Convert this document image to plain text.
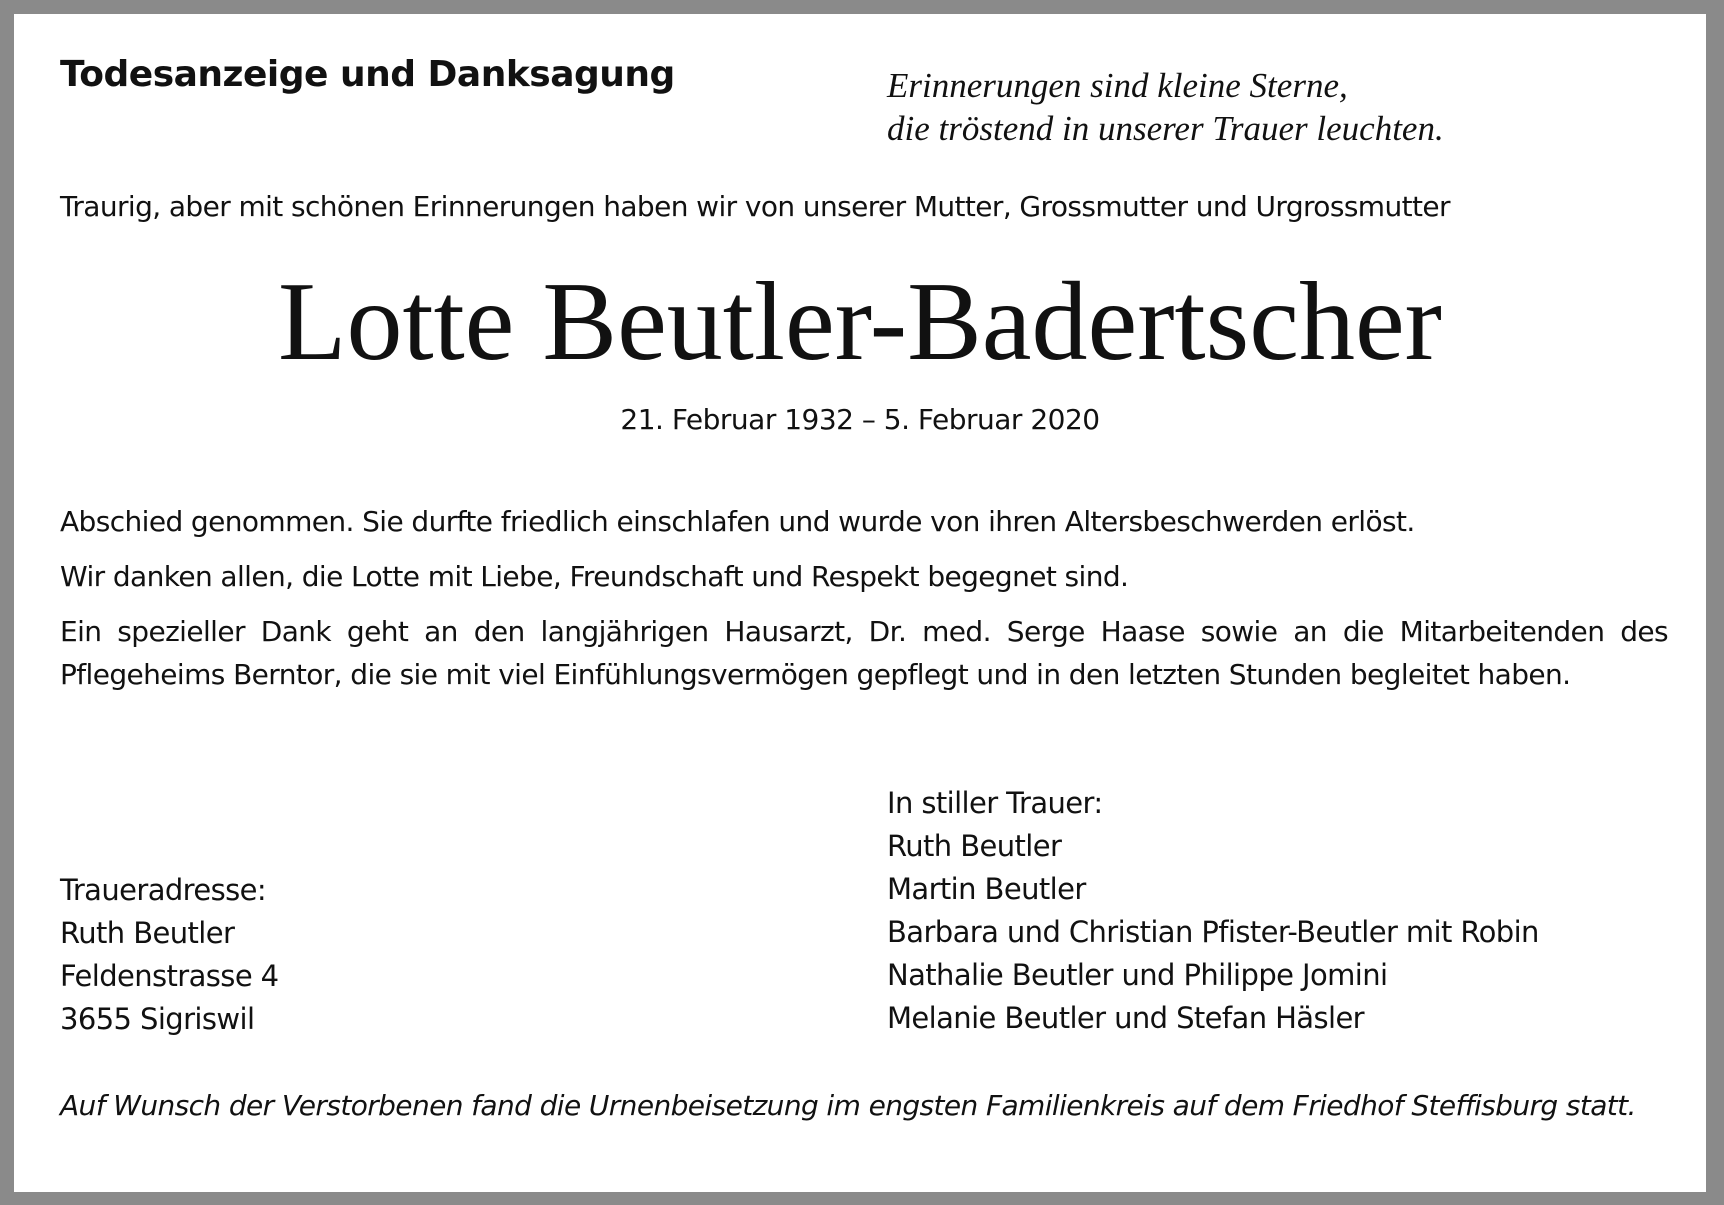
Todesanzeige und Danksagung	Erinnerungen sind kleine Sterne,
die tröstend in unserer Trauer leuchten.

Traurig, aber mit schönen Erinnerungen haben wir von unserer Mutter, Grossmutter und Urgrossmutter

Lotte Beutler-Badertscher

21. Februar 1932 – 5. Februar 2020

Abschied genommen. Sie durfte friedlich einschlafen und wurde von ihren Altersbeschwerden erlöst.

Wir danken allen, die Lotte mit Liebe, Freundschaft und Respekt begegnet sind.

Ein spezieller Dank geht an den langjährigen Hausarzt, Dr. med. Serge Haase sowie an die Mitarbeitenden des Pflegeheims Berntor, die sie mit viel Einfühlungsvermögen gepflegt und in den letzten Stunden begleitet haben.

In stiller Trauer:
Ruth Beutler
Martin Beutler
Barbara und Christian Pfister-Beutler mit Robin
Nathalie Beutler und Philippe Jomini
Melanie Beutler und Stefan Häsler
Traueradresse:
Ruth Beutler
Feldenstrasse 4
3655 Sigriswil

Auf Wunsch der Verstorbenen fand die Urnenbeisetzung im engsten Familienkreis auf dem Friedhof Steffisburg statt.
